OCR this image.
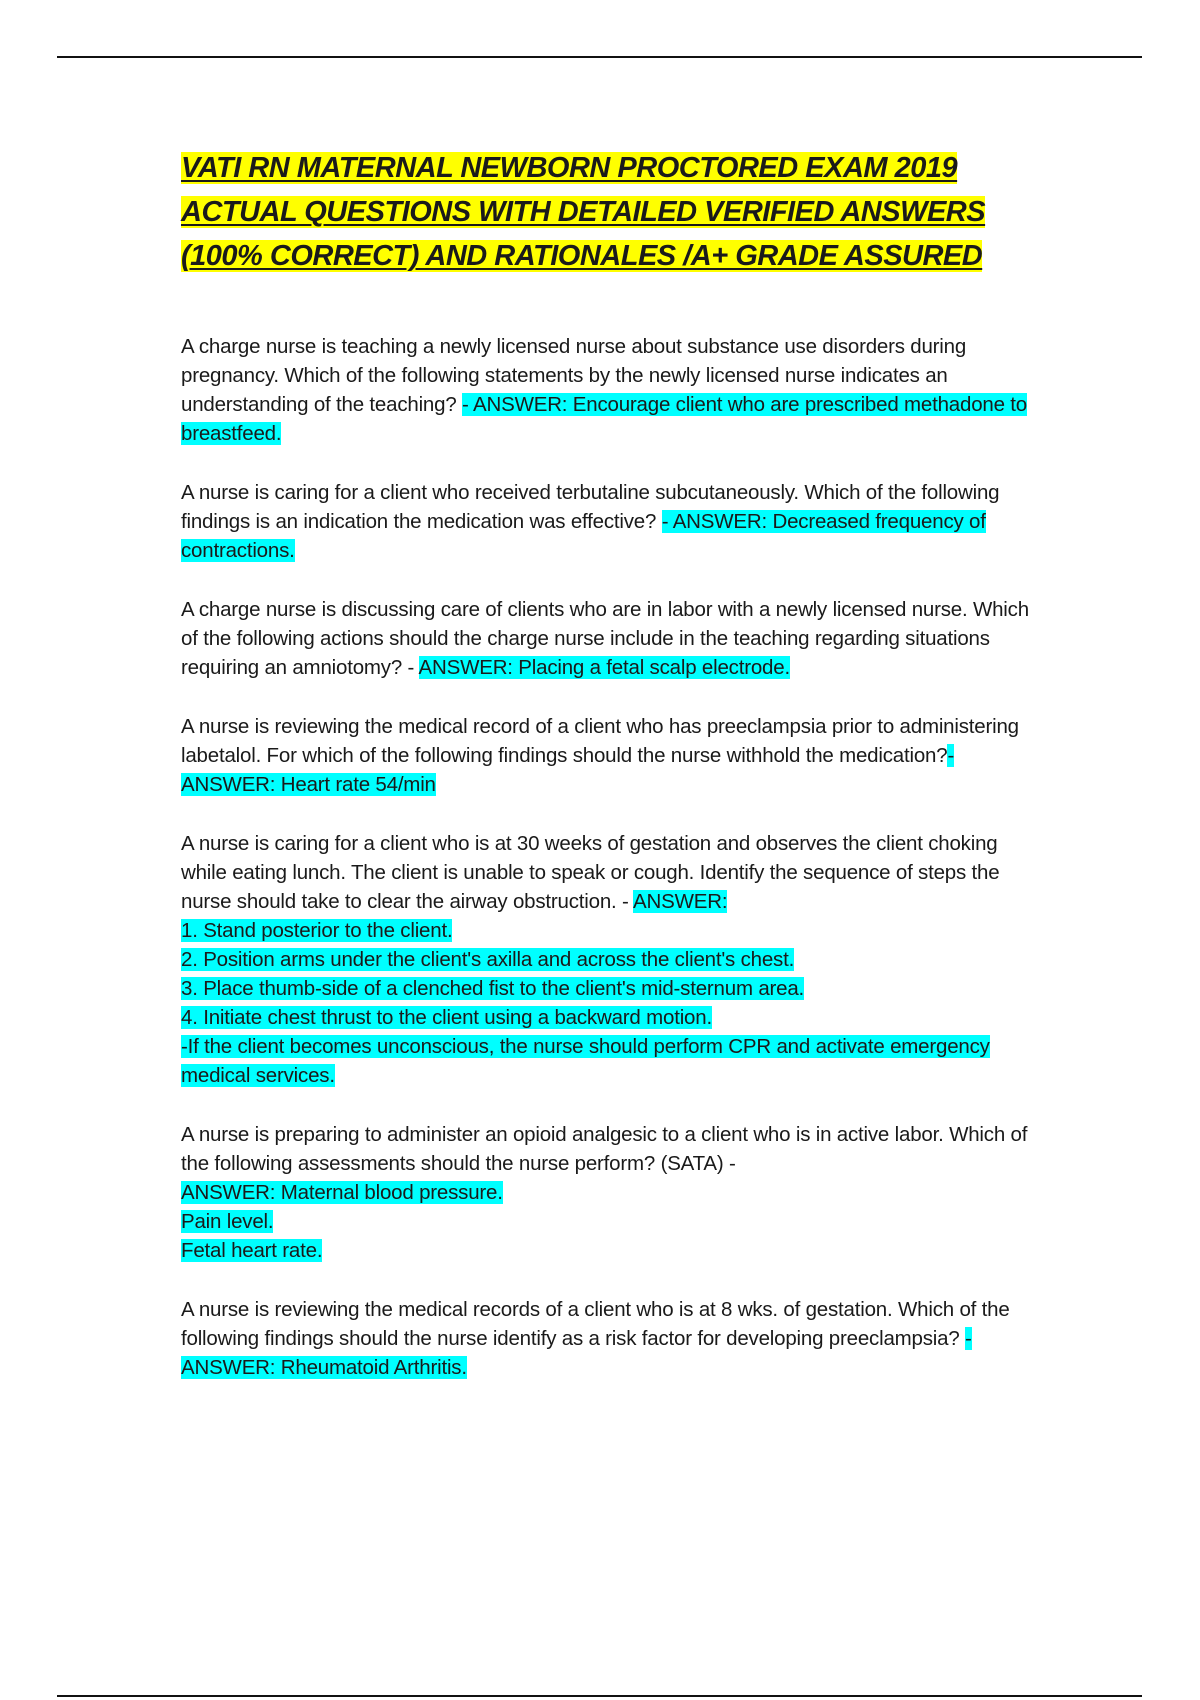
VATI RN MATERNAL NEWBORN PROCTORED EXAM 2019 ACTUAL QUESTIONS WITH DETAILED VERIFIED ANSWERS (100% CORRECT) AND RATIONALES /A+ GRADE ASSURED

A charge nurse is teaching a newly licensed nurse about substance use disorders during pregnancy. Which of the following statements by the newly licensed nurse indicates an understanding of the teaching? - ANSWER: Encourage client who are prescribed methadone to breastfeed.

A nurse is caring for a client who received terbutaline subcutaneously. Which of the following findings is an indication the medication was effective? - ANSWER: Decreased frequency of contractions.

A charge nurse is discussing care of clients who are in labor with a newly licensed nurse. Which of the following actions should the charge nurse include in the teaching regarding situations requiring an amniotomy? - ANSWER: Placing a fetal scalp electrode.

A nurse is reviewing the medical record of a client who has preeclampsia prior to administering labetalol. For which of the following findings should the nurse withhold the medication?- ANSWER: Heart rate 54/min

A nurse is caring for a client who is at 30 weeks of gestation and observes the client choking while eating lunch. The client is unable to speak or cough. Identify the sequence of steps the nurse should take to clear the airway obstruction. - ANSWER:
1. Stand posterior to the client.
2. Position arms under the client's axilla and across the client's chest.
3. Place thumb-side of a clenched fist to the client's mid-sternum area.
4. Initiate chest thrust to the client using a backward motion.
-If the client becomes unconscious, the nurse should perform CPR and activate emergency medical services.

A nurse is preparing to administer an opioid analgesic to a client who is in active labor. Which of the following assessments should the nurse perform? (SATA) -
ANSWER: Maternal blood pressure.
Pain level.
Fetal heart rate.

A nurse is reviewing the medical records of a client who is at 8 wks. of gestation. Which of the following findings should the nurse identify as a risk factor for developing preeclampsia? - ANSWER: Rheumatoid Arthritis.
